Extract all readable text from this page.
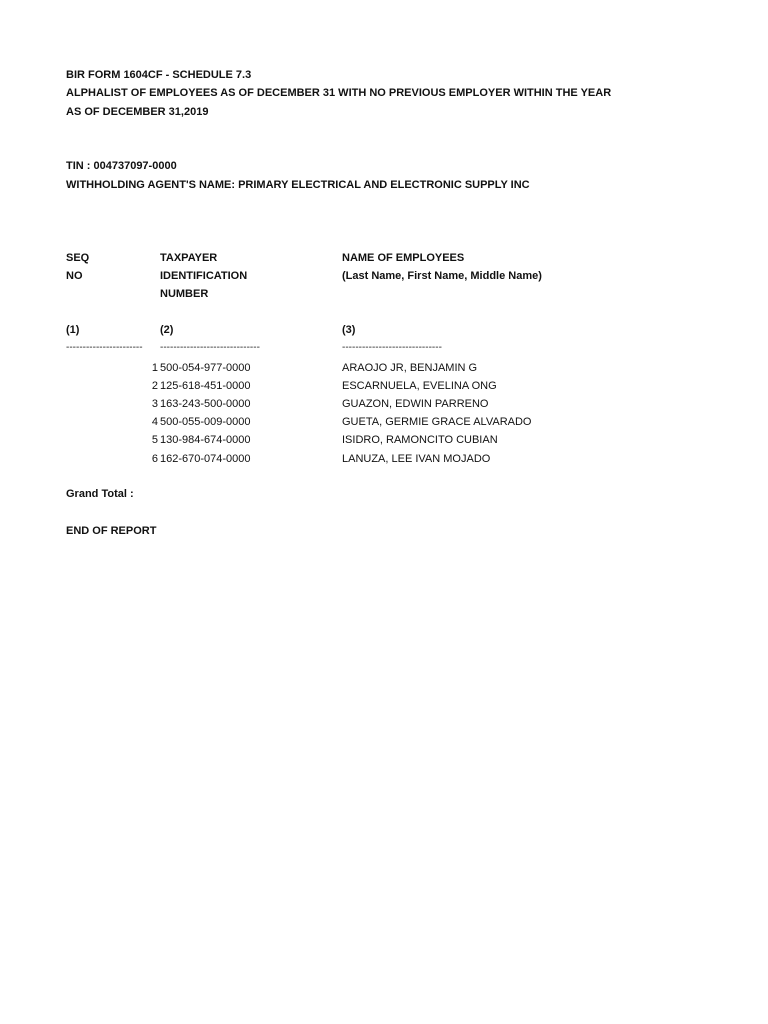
BIR FORM 1604CF - SCHEDULE 7.3
ALPHALIST OF EMPLOYEES AS OF DECEMBER 31 WITH NO PREVIOUS EMPLOYER WITHIN THE YEAR
AS OF DECEMBER 31,2019
TIN : 004737097-0000
WITHHOLDING AGENT'S NAME: PRIMARY ELECTRICAL AND ELECTRONIC SUPPLY INC
SEQ
NO
TAXPAYER
IDENTIFICATION
NUMBER
NAME OF EMPLOYEES
(Last Name, First Name, Middle Name)
(1)	(2)	(3)
-----------------------	------------------------------	------------------------------
1 500-054-977-0000	ARAOJO JR, BENJAMIN G
2 125-618-451-0000	ESCARNUELA, EVELINA ONG
3 163-243-500-0000	GUAZON, EDWIN PARRENO
4 500-055-009-0000	GUETA, GERMIE GRACE ALVARADO
5 130-984-674-0000	ISIDRO, RAMONCITO CUBIAN
6 162-670-074-0000	LANUZA, LEE IVAN MOJADO
Grand Total :
END OF REPORT
